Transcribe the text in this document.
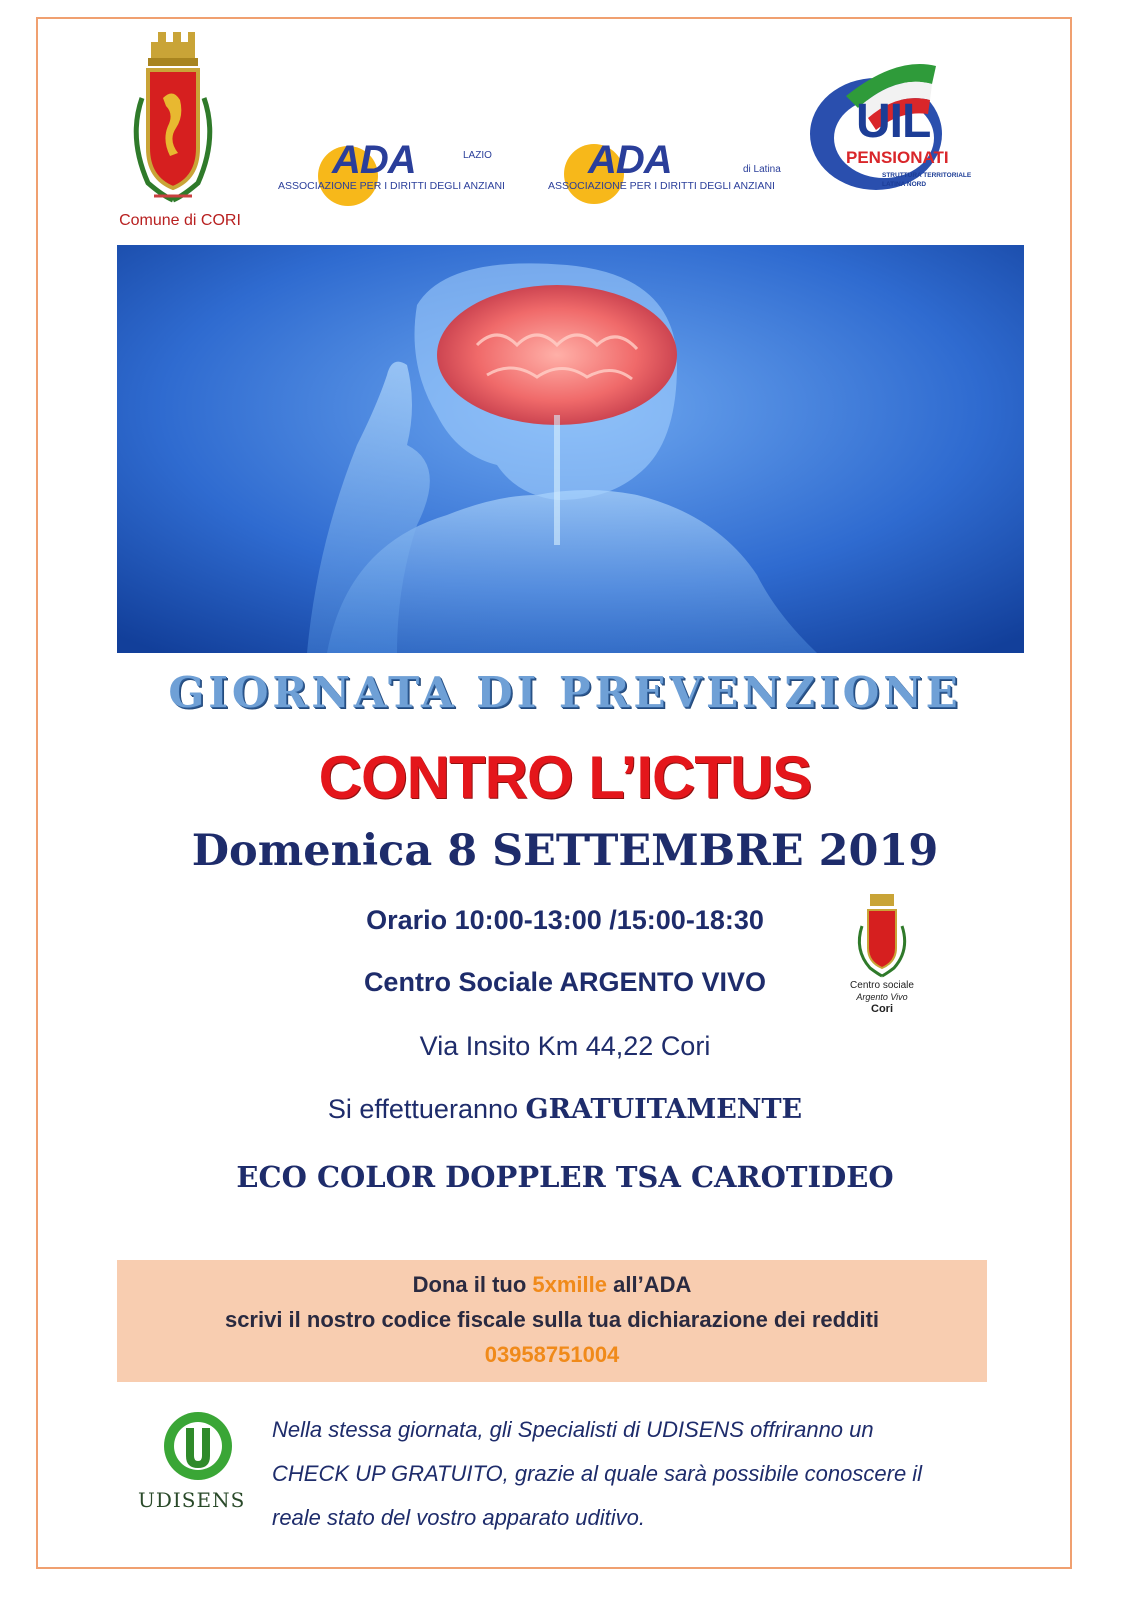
Comune di CORI
ADA	LAZIO
ASSOCIAZIONE PER I DIRITTI DEGLI ANZIANI
ADA	di Latina
ASSOCIAZIONE PER I DIRITTI DEGLI ANZIANI
UIL
PENSIONATI
STRUTTURA TERRITORIALE
LATINA NORD
GIORNATA DI PREVENZIONE
CONTRO L’ICTUS
Domenica 8 SETTEMBRE 2019
Orario 10:00-13:00 /15:00-18:30
Centro Sociale ARGENTO VIVO
Via Insito Km 44,22 Cori
Si effettueranno GRATUITAMENTE
ECO COLOR DOPPLER TSA CAROTIDEO
Centro sociale
Argento Vivo
Cori
Dona il tuo 5xmille all’ADA
scrivi il nostro codice fiscale sulla tua dichiarazione dei redditi
03958751004
UDISENS
Nella stessa giornata, gli Specialisti di UDISENS offriranno un
CHECK UP GRATUITO, grazie al quale sarà possibile conoscere il
reale stato del vostro apparato uditivo.
